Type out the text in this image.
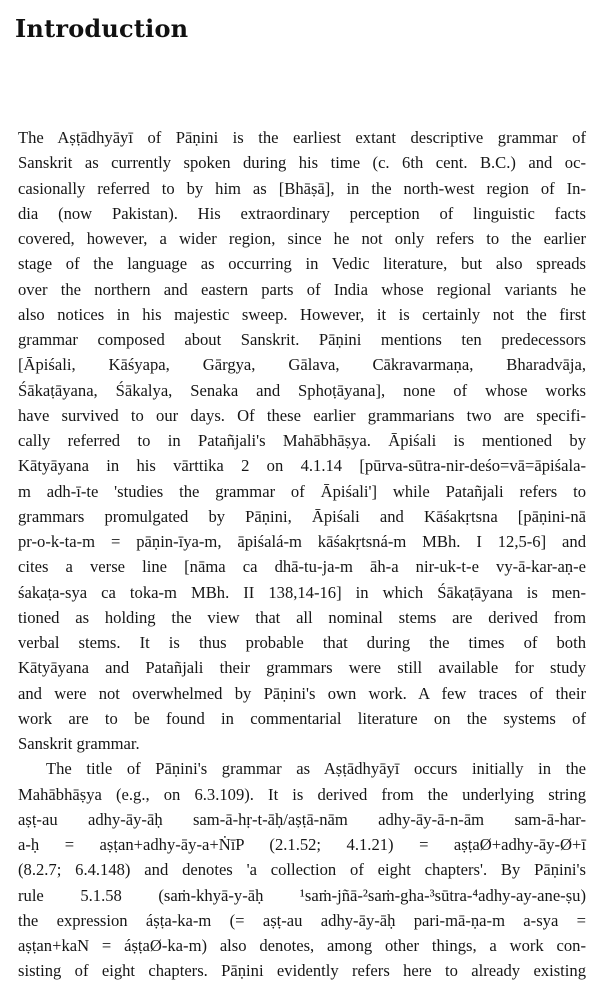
Introduction
The Aṣṭādhyāyī of Pāṇini is the earliest extant descriptive grammar of
Sanskrit as currently spoken during his time (c. 6th cent. B.C.) and oc-
casionally referred to by him as [Bhāṣā], in the north-west region of In-
dia (now Pakistan). His extraordinary perception of linguistic facts
covered, however, a wider region, since he not only refers to the earlier
stage of the language as occurring in Vedic literature, but also spreads
over the northern and eastern parts of India whose regional variants he
also notices in his majestic sweep. However, it is certainly not the first
grammar composed about Sanskrit. Pāṇini mentions ten predecessors
[Āpiśali, Kāśyapa, Gārgya, Gālava, Cākravarmaṇa, Bharadvāja,
Śākaṭāyana, Śākalya, Senaka and Sphoṭāyana], none of whose works
have survived to our days. Of these earlier grammarians two are specifi-
cally referred to in Patañjali's Mahābhāṣya. Āpiśali is mentioned by
Kātyāyana in his vārttika 2 on 4.1.14 [pūrva-sūtra-nir-deśo=vā=āpiśala-
m adh-ī-te 'studies the grammar of Āpiśali'] while Patañjali refers to
grammars promulgated by Pāṇini, Āpiśali and Kāśakṛtsna [pāṇini-nā
pr-o-k-ta-m = pāṇin-īya-m, āpiśalá-m kāśakṛtsná-m MBh. I 12,5-6] and
cites a verse line [nāma ca dhā-tu-ja-m āh-a nir-uk-t-e vy-ā-kar-aṇ-e
śakaṭa-sya ca toka-m MBh. II 138,14-16] in which Śākaṭāyana is men-
tioned as holding the view that all nominal stems are derived from
verbal stems. It is thus probable that during the times of both
Kātyāyana and Patañjali their grammars were still available for study
and were not overwhelmed by Pāṇini's own work. A few traces of their
work are to be found in commentarial literature on the systems of
Sanskrit grammar.
The title of Pāṇini's grammar as Aṣṭādhyāyī occurs initially in the
Mahābhāṣya (e.g., on 6.3.109). It is derived from the underlying string
aṣṭ-au adhy-āy-āḥ sam-ā-hṛ-t-āḥ/aṣṭā-nām adhy-āy-ā-n-ām sam-ā-har-
a-ḥ = aṣṭan+adhy-āy-a+ṄīP (2.1.52; 4.1.21) = aṣṭaØ+adhy-āy-Ø+ī
(8.2.7; 6.4.148) and denotes 'a collection of eight chapters'. By Pāṇini's
rule 5.1.58 (saṁ-khyā-y-āḥ ¹saṁ-jñā-²saṁ-gha-³sūtra-⁴adhy-ay-ane-ṣu)
the expression áṣṭa-ka-m (= aṣṭ-au adhy-āy-āḥ pari-mā-ṇa-m a-sya =
aṣṭan+kaN = áṣṭaØ-ka-m) also denotes, among other things, a work con-
sisting of eight chapters. Pāṇini evidently refers here to already existing
